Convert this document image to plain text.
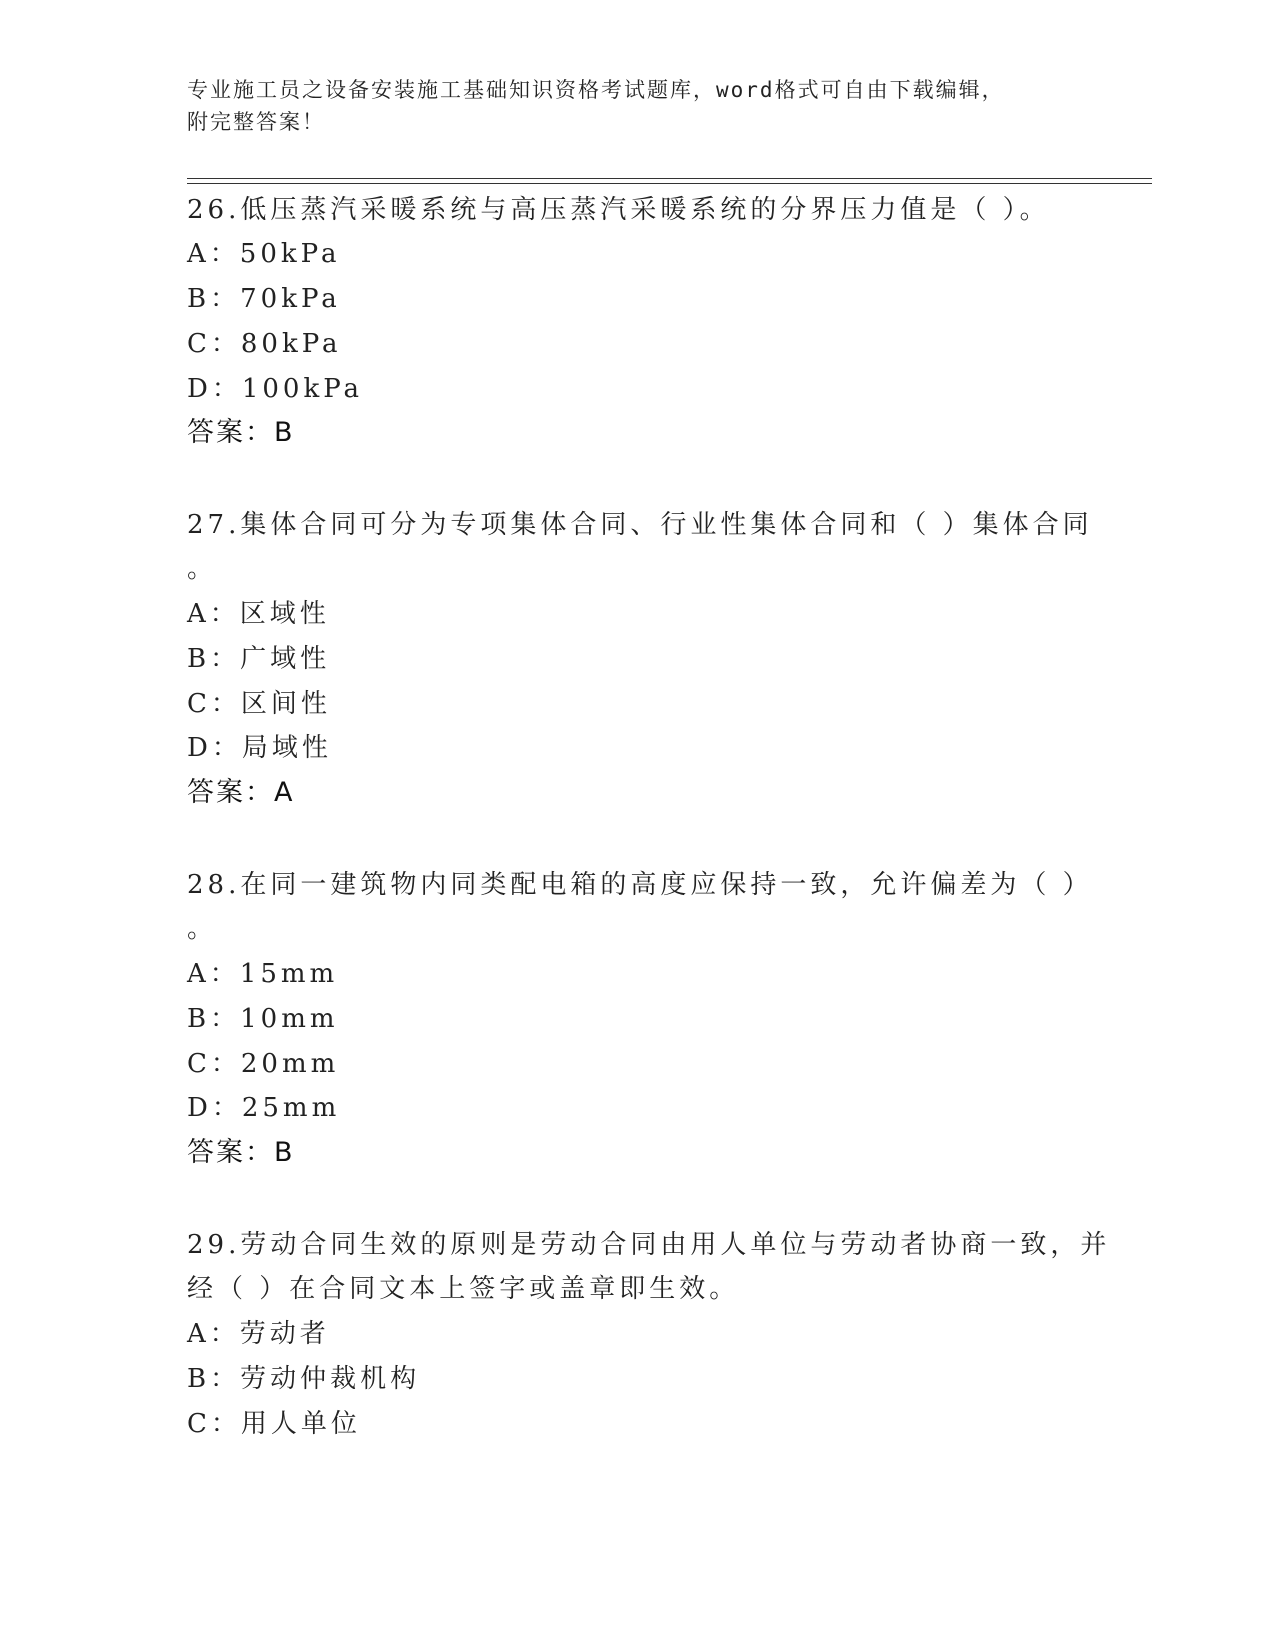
专业施工员之设备安装施工基础知识资格考试题库，word格式可自由下载编辑，
附完整答案！
26.低压蒸汽采暖系统与高压蒸汽采暖系统的分界压力值是（ ）。
A：50kPa
B：70kPa
C：80kPa
D：100kPa
答案：B
27.集体合同可分为专项集体合同、行业性集体合同和（ ）集体合同
。
A：区域性
B：广域性
C：区间性
D：局域性
答案：A
28.在同一建筑物内同类配电箱的高度应保持一致，允许偏差为（ ）
。
A：15mm
B：10mm
C：20mm
D：25mm
答案：B
29.劳动合同生效的原则是劳动合同由用人单位与劳动者协商一致，并
经（ ）在合同文本上签字或盖章即生效。
A：劳动者
B：劳动仲裁机构
C：用人单位
